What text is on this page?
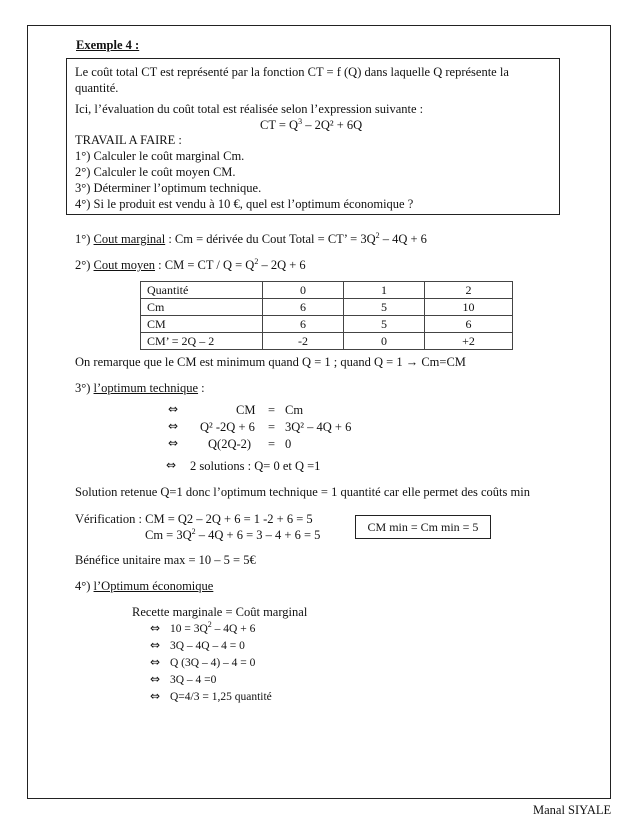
Exemple 4 :
Le coût total CT est représenté par la fonction CT = f (Q) dans laquelle Q représente la
quantité.
Ici, l’évaluation du coût total est réalisée selon l’expression suivante :
CT = $Q^3 - 2Q^2 + 6Q$
TRAVAIL A FAIRE :
1°) Calculer le coût marginal Cm.
2°) Calculer le coût moyen CM.
3°) Déterminer l’optimum technique.
4°) Si le produit est vendu à 10 €, quel est l’optimum économique ?
1°) Cout marginal : Cm = dérivée du Cout Total = CT’ = $3Q^2 - 4Q + 6$
2°) Cout moyen : CM = CT / $Q = Q^2 - 2Q + 6$
Quantité	0	1	2
Cm	6	5	10
CM	6	5	6
CM’ = 2Q – 2	-2	0	+2
On remarque que le CM est minimum quand Q = 1 ; quand Q = 1 → Cm=CM
3°) l’optimum technique :
⇔	CM = Cm
⇔ Q² -2Q + 6 = 3Q² – 4Q + 6
⇔ Q(2Q-2) = 0
⇔ 2 solutions : Q= 0 et Q =1
Solution retenue Q=1 donc l’optimum technique = 1 quantité car elle permet des coûts min
Vérification : CM = Q2 – 2Q + 6 = 1 -2 + 6 = 5
$Cm = 3Q^2 - 4Q + 6 = 3 - 4 + 6 = 5$
CM min = Cm min = 5
Bénéfice unitaire max = 10 – 5 = 5€
4°) l’Optimum économique
Recette marginale = Coût marginal
⇔ $10 = 3Q^2 - 4Q + 6$
⇔ 3Q – 4Q – 4 = 0
⇔ Q (3Q – 4) – 4 = 0
⇔ 3Q – 4 =0
⇔ Q=4/3 = 1,25 quantité
Manal SIYALE
